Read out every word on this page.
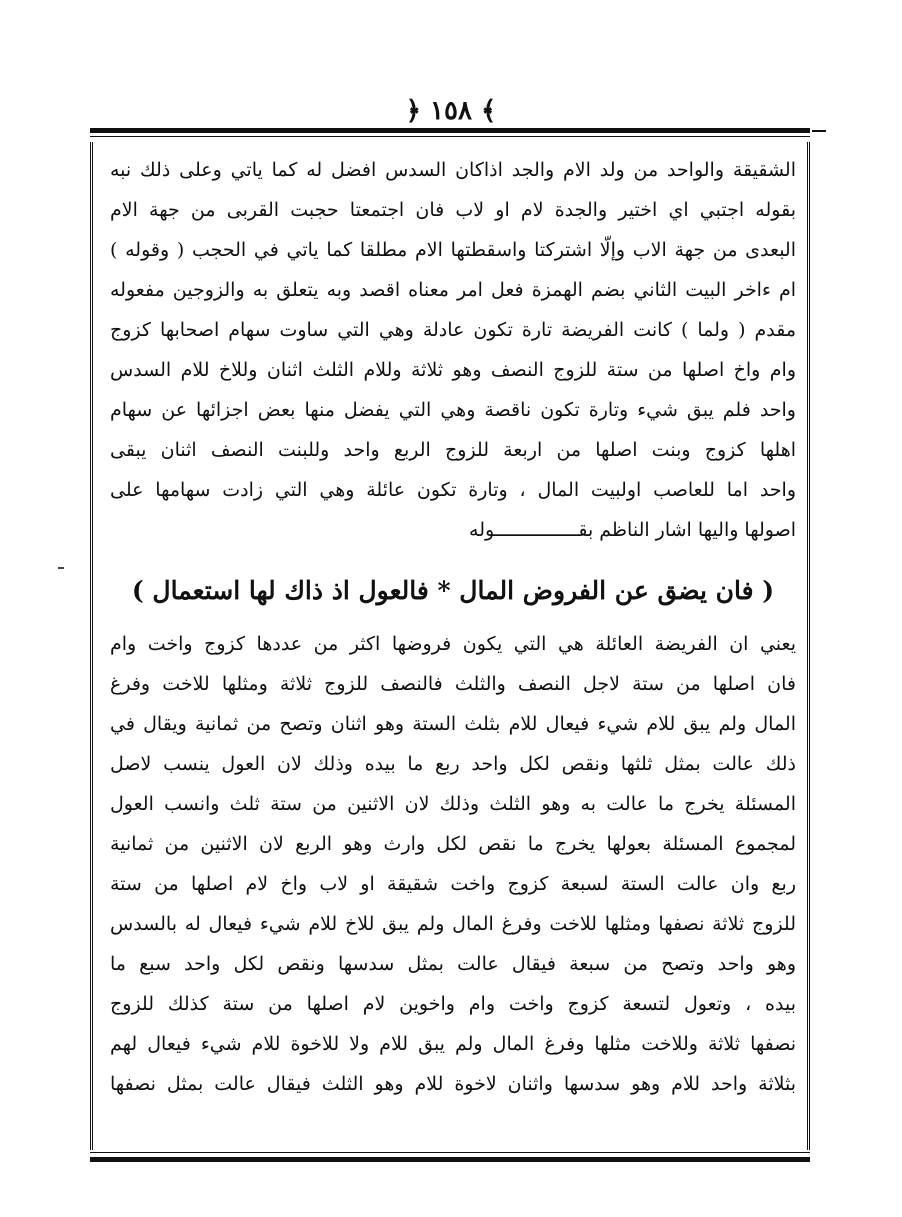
﴿ ١٥٨ ﴾
الشقيقة والواحد من ولد الام والجد اذاكان السدس افضل له كما ياتي وعلى ذلك نبه
بقوله اجتبي اي اختير والجدة لام او لاب فان اجتمعتا حجبت القربى من جهة الام
البعدى من جهة الاب وإلّا اشتركتا واسقطتها الام مطلقا كما ياتي في الحجب ( وقوله )
ام ءاخر البيت الثاني بضم الهمزة فعل امر معناه اقصد وبه يتعلق به والزوجين مفعوله
مقدم ( ولما ) كانت الفريضة تارة تكون عادلة وهي التي ساوت سهام اصحابها كزوج
وام واخ اصلها من ستة للزوج النصف وهو ثلاثة وللام الثلث اثنان وللاخ للام السدس
واحد فلم يبق شيء وتارة تكون ناقصة وهي التي يفضل منها بعض اجزائها عن سهام
اهلها كزوج وبنت اصلها من اربعة للزوج الربع واحد وللبنت النصف اثنان يبقى
واحد اما للعاصب اولبيت المال ، وتارة تكون عائلة وهي التي زادت سهامها على
اصولها واليها اشار الناظم بقـــــــــــــــوله
( فان يضق عن الفروض المال * فالعول اذ ذاك لها استعمال )
يعني ان الفريضة العائلة هي التي يكون فروضها اكثر من عددها كزوج واخت وام
فان اصلها من ستة لاجل النصف والثلث فالنصف للزوج ثلاثة ومثلها للاخت وفرغ
المال ولم يبق للام شيء فيعال للام بثلث الستة وهو اثنان وتصح من ثمانية ويقال في
ذلك عالت بمثل ثلثها ونقص لكل واحد ربع ما بيده وذلك لان العول ينسب لاصل
المسئلة يخرج ما عالت به وهو الثلث وذلك لان الاثنين من ستة ثلث وانسب العول
لمجموع المسئلة بعولها يخرج ما نقص لكل وارث وهو الربع لان الاثنين من ثمانية
ربع وان عالت الستة لسبعة كزوج واخت شقيقة او لاب واخ لام اصلها من ستة
للزوج ثلاثة نصفها ومثلها للاخت وفرغ المال ولم يبق للاخ للام شيء فيعال له بالسدس
وهو واحد وتصح من سبعة فيقال عالت بمثل سدسها ونقص لكل واحد سبع ما
بيده ، وتعول لتسعة كزوج واخت وام واخوين لام اصلها من ستة كذلك للزوج
نصفها ثلاثة وللاخت مثلها وفرغ المال ولم يبق للام ولا للاخوة للام شيء فيعال لهم
بثلاثة واحد للام وهو سدسها واثنان لاخوة للام وهو الثلث فيقال عالت بمثل نصفها
